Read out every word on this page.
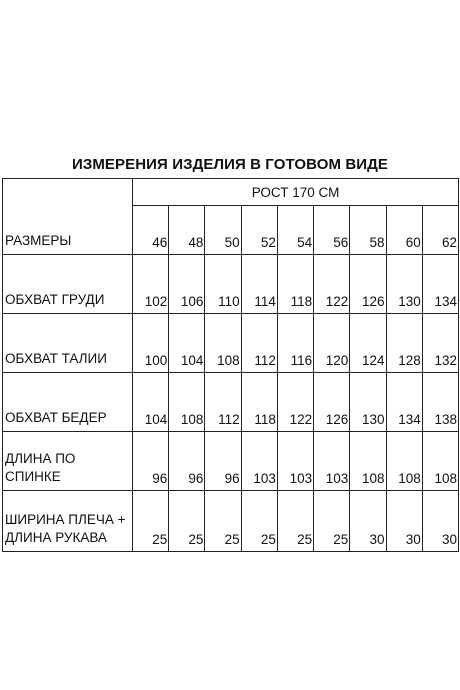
ИЗМЕРЕНИЯ ИЗДЕЛИЯ В ГОТОВОМ ВИДЕ
РАЗМЕРЫ	РОСТ 170 СМ								
	46	48	50	52	54	56	58	60	62
ОБХВАТ ГРУДИ	102	106	110	114	118	122	126	130	134
ОБХВАТ ТАЛИИ	100	104	108	112	116	120	124	128	132
ОБХВАТ БЕДЕР	104	108	112	118	122	126	130	134	138
ДЛИНА ПО
СПИНКЕ	96	96	96	103	103	103	108	108	108
ШИРИНА ПЛЕЧА +
ДЛИНА РУКАВА	25	25	25	25	25	25	30	30	30
